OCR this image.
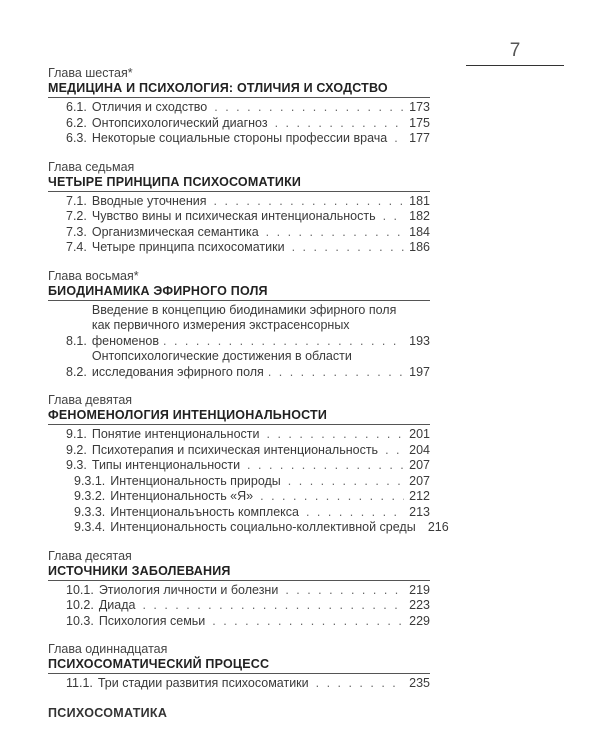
7
Глава шестая*
МЕДИЦИНА И ПСИХОЛОГИЯ: ОТЛИЧИЯ И СХОДСТВО
6.1. Отличия и сходство . . .	173
6.2. Онтопсихологический диагноз . . .	175
6.3. Некоторые социальные стороны профессии врача . . . 177
Глава седьмая
ЧЕТЫРЕ ПРИНЦИПА ПСИХОСОМАТИКИ
7.1. Вводные уточнения . . .	181
7.2. Чувство вины и психическая интенциональность . . .	182
7.3. Организмическая семантика . . .	184
7.4. Четыре принципа психосоматики . . .	186
Глава восьмая*
БИОДИНАМИКА ЭФИРНОГО ПОЛЯ
8.1.
Введение в концепцию биодинамики эфирного поля
как первичного измерения экстрасенсорных
феноменов . . .	193
8.2.
Онтопсихологические достижения в области
исследования эфирного поля . . .	197
Глава девятая
ФЕНОМЕНОЛОГИЯ ИНТЕНЦИОНАЛЬНОСТИ
9.1. Понятие интенциональности . . .	201
9.2. Психотерапия и психическая интенциональность . . . 204
9.3. Типы интенциональности . . .	207
9.3.1. Интенциональность природы . . .	207
9.3.2. Интенциональность «Я» . . .	212
9.3.3. Интенциональъность комплекса . . .	213
9.3.4. Интенциональность социально-коллективной среды 216
Глава десятая
ИСТОЧНИКИ ЗАБОЛЕВАНИЯ
10.1. Этиология личности и болезни . . .	219
10.2. Диада . . .	223
10.3. Психология семьи . . .	229
Глава одиннадцатая
ПСИХОСОМАТИЧЕСКИЙ ПРОЦЕСС
11.1. Три стадии развития психосоматики . . .	235
ПСИХОСОМАТИКА
